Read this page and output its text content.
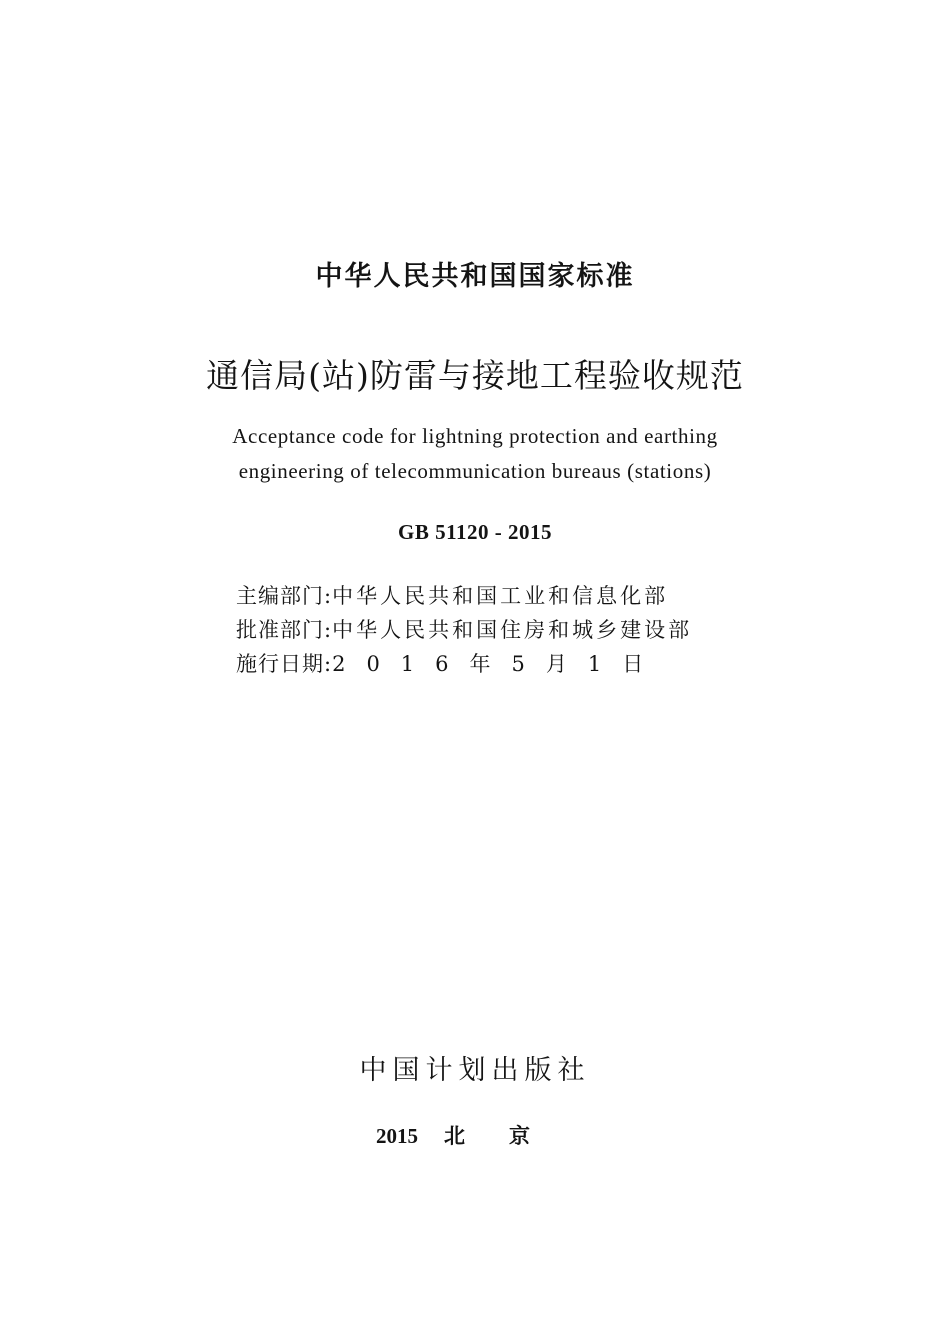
中华人民共和国国家标准
通信局(站)防雷与接地工程验收规范
Acceptance code for lightning protection and earthing
engineering of telecommunication bureaus (stations)
GB 51120 - 2015
主编部门: 中华人民共和国工业和信息化部
批准部门: 中华人民共和国住房和城乡建设部
施行日期: 2016年5月1日
中国计划出版社
2015 北京
